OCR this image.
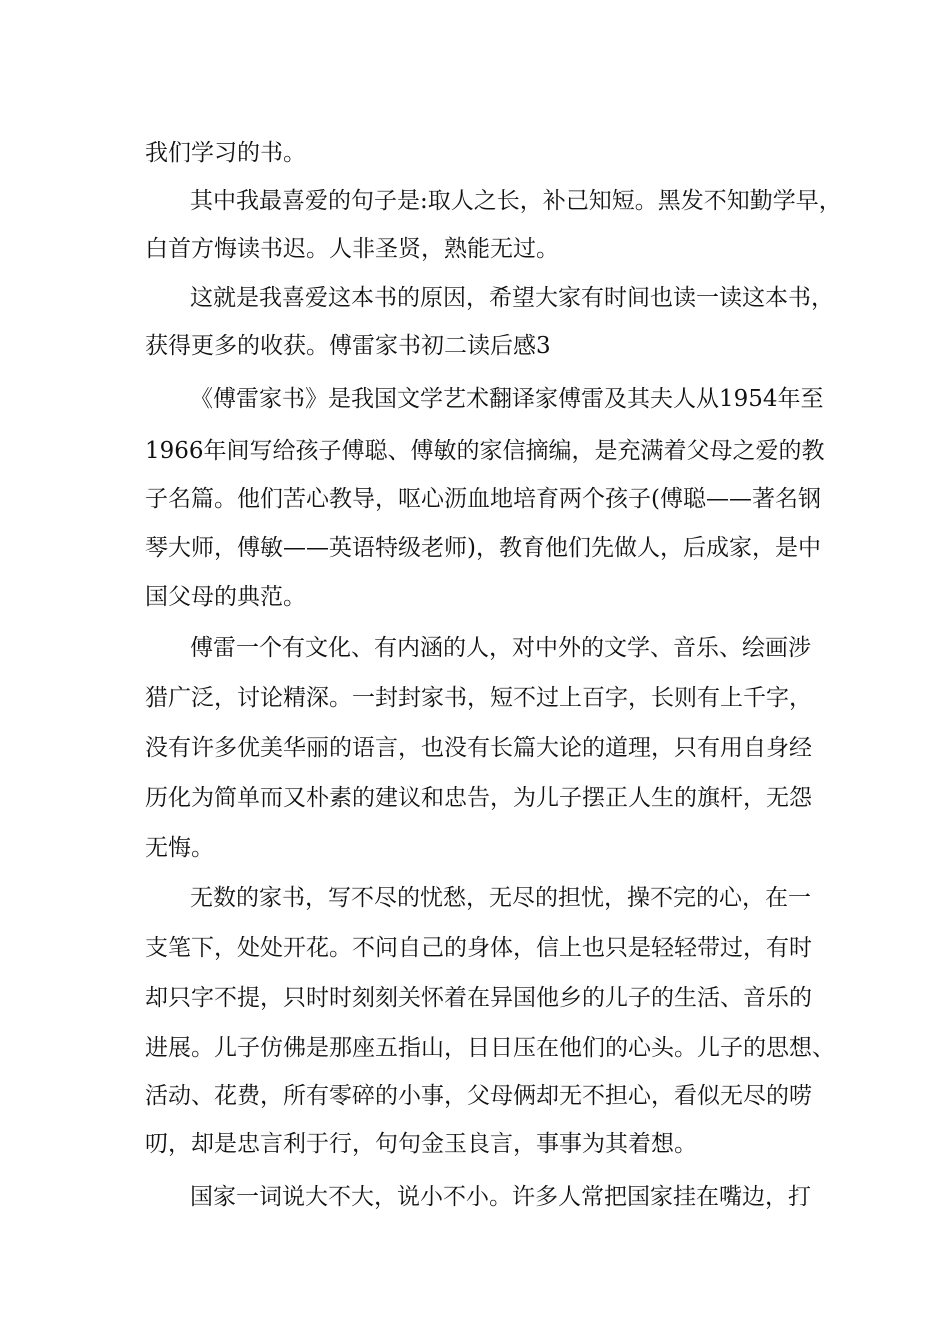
我们学习的书。
其中我最喜爱的句子是:取人之长，补己知短。黑发不知勤学早，
白首方悔读书迟。人非圣贤，熟能无过。
这就是我喜爱这本书的原因，希望大家有时间也读一读这本书，
获得更多的收获。傅雷家书初二读后感3
《傅雷家书》是我国文学艺术翻译家傅雷及其夫人从1954年至
1966年间写给孩子傅聪、傅敏的家信摘编，是充满着父母之爱的教
子名篇。他们苦心教导，呕心沥血地培育两个孩子(傅聪——著名钢
琴大师，傅敏——英语特级老师)，教育他们先做人，后成家，是中
国父母的典范。
傅雷一个有文化、有内涵的人，对中外的文学、音乐、绘画涉
猎广泛，讨论精深。一封封家书，短不过上百字，长则有上千字，
没有许多优美华丽的语言，也没有长篇大论的道理，只有用自身经
历化为简单而又朴素的建议和忠告，为儿子摆正人生的旗杆，无怨
无悔。
无数的家书，写不尽的忧愁，无尽的担忧，操不完的心，在一
支笔下，处处开花。不问自己的身体，信上也只是轻轻带过，有时
却只字不提，只时时刻刻关怀着在异国他乡的儿子的生活、音乐的
进展。儿子仿佛是那座五指山，日日压在他们的心头。儿子的思想、
活动、花费，所有零碎的小事，父母俩却无不担心，看似无尽的唠
叨，却是忠言利于行，句句金玉良言，事事为其着想。
国家一词说大不大，说小不小。许多人常把国家挂在嘴边，打
